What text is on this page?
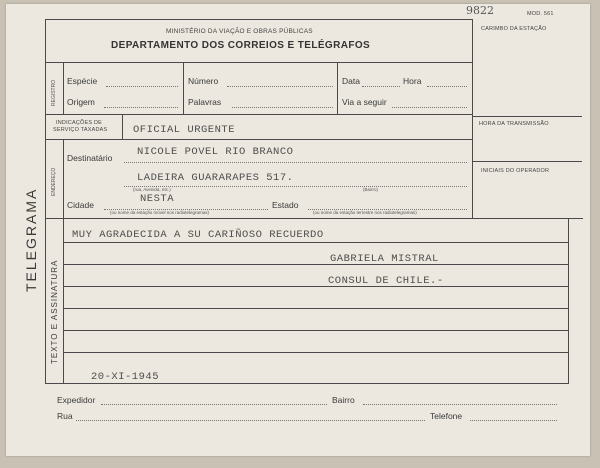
9822	MOD. 561
TELEGRAMA
MINISTÉRIO DA VIAÇÃO E OBRAS PÚBLICAS
DEPARTAMENTO DOS CORREIOS E TELÉGRAFOS
CARIMBO DA ESTAÇÃO
HORA DA TRANSMISSÃO
INICIAIS DO OPERADOR
REGISTRO Espécie	Número	Data	Hora
Origem	Palavras	Via a seguir
INDICAÇÕES DE
SERVIÇO TAXADAS OFICIAL URGENTE
ENDEREÇO
Destinatário NICOLE POVEL RIO BRANCO
LADEIRA GUARARAPES 517.
(rua, Avenida, etc.)	(Bairro)
Cidade	NESTA
(ou nome da estação móvel nos radiotelegramas)
Estado
(ou nome da estação terrestre nos radiotelegramas)
TEXTO E ASSINATURA
MUY AGRADECIDA A SU CARIÑOSO RECUERDO
GABRIELA MISTRAL
CONSUL DE CHILE.-
20-XI-1945
Expedidor	Bairro
Rua	Telefone
